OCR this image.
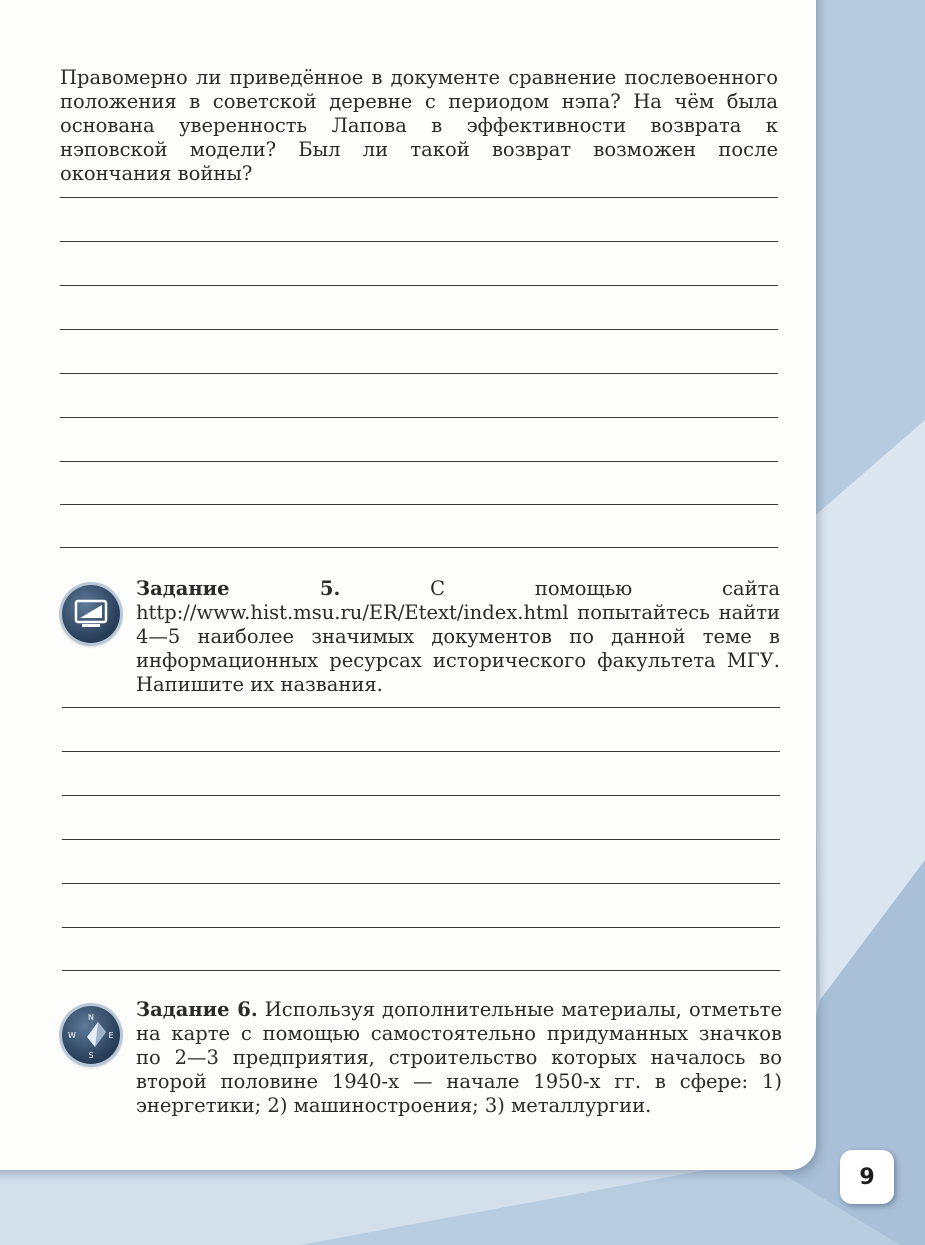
Правомерно ли приведённое в документе сравнение послевоенного положения в советской деревне с периодом нэпа? На чём была основана уверенность Лапова в эффективности возврата к нэповской модели? Был ли такой возврат возможен после окончания войны?

Задание 5.	С помощью сайта http://www.hist.msu.ru/ER/Etext/index.html попытайтесь найти 4—5 наиболее значимых документов по данной теме в информационных ресурсах исторического факультета МГУ. Напишите их названия.

N
S
W	E

Задание 6. Используя дополнительные материалы, отметьте на карте с помощью самостоятельно придуманных значков по 2—3 предприятия, строительство которых началось во второй половине 1940-х — начале 1950-х гг. в сфере: 1) энергетики; 2) машиностроения; 3) металлургии.

9
